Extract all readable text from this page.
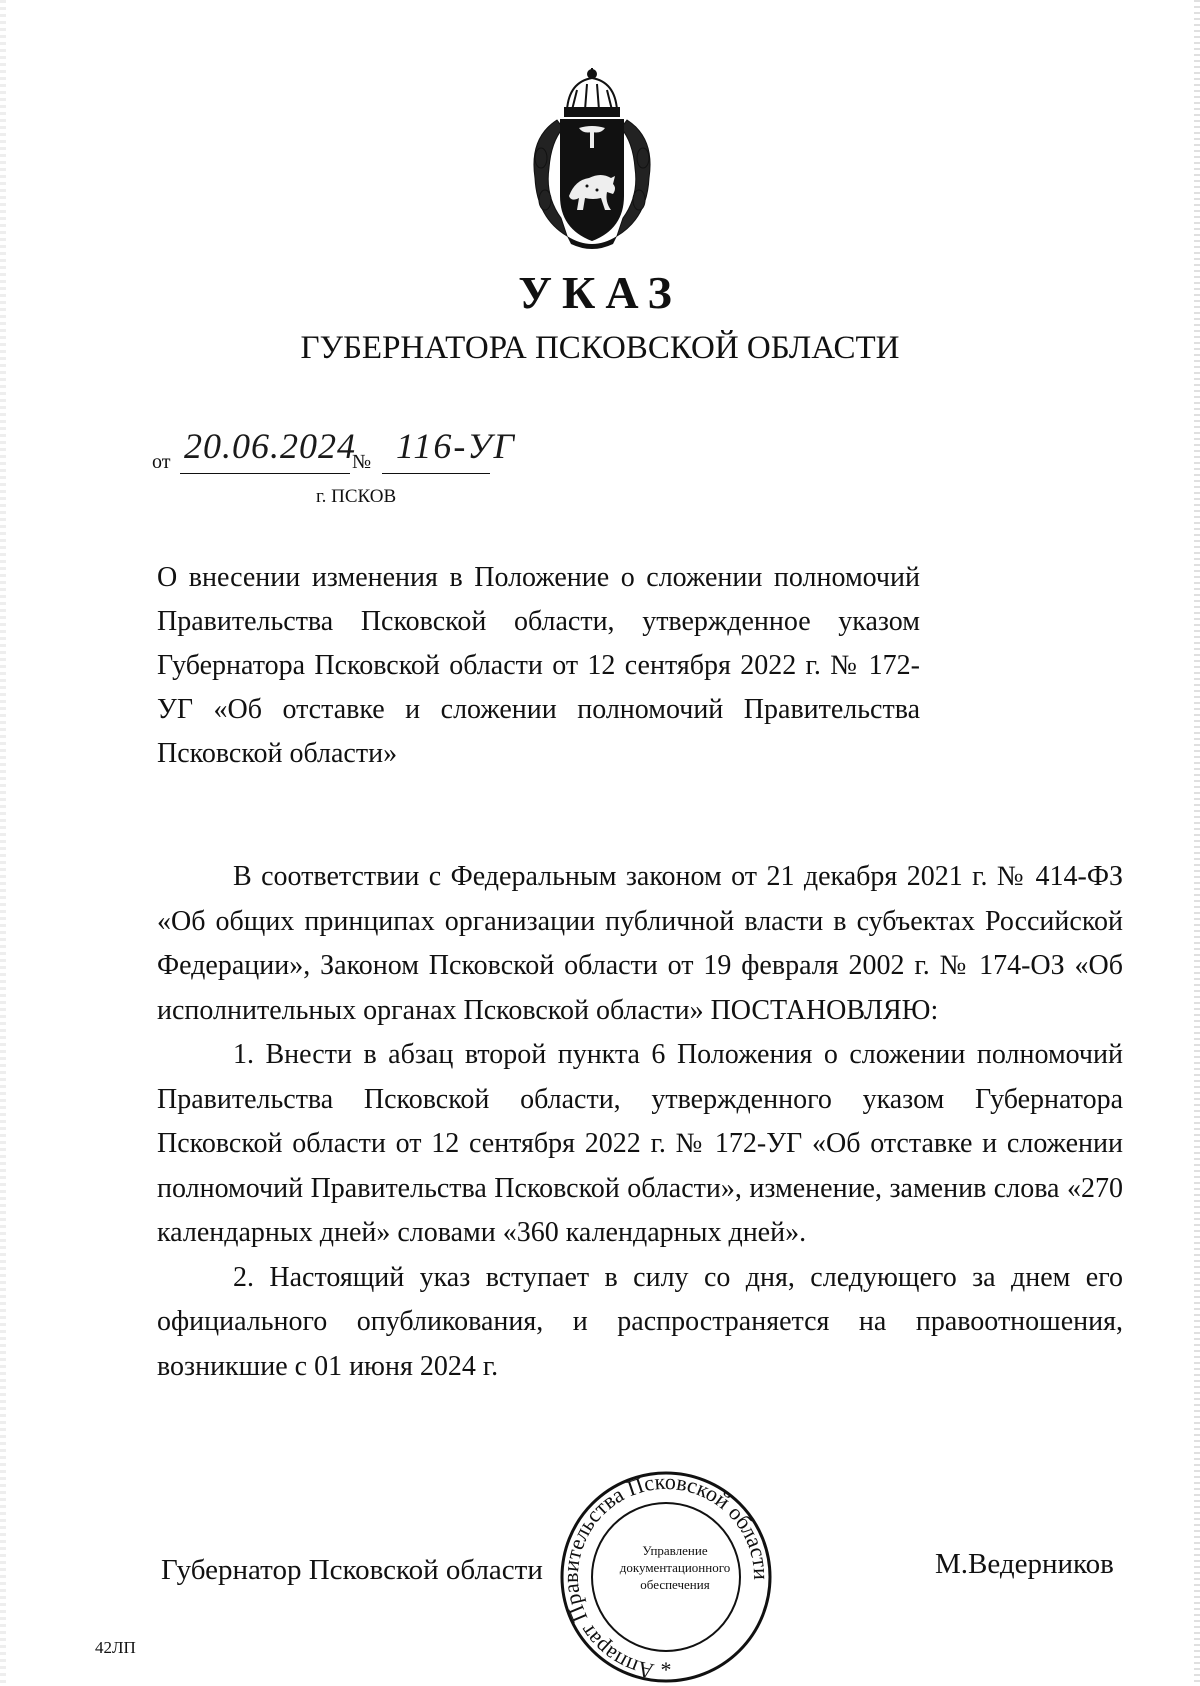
УКАЗ
ГУБЕРНАТОРА ПСКОВСКОЙ ОБЛАСТИ
от 20.06.2024
№ 116-УГ
г. ПСКОВ
О внесении изменения в Положение о сложении полномочий Правительства Псковской области, утвержденное указом Губернатора Псковской области от 12 сентября 2022 г. № 172-УГ «Об отставке и сложении полномочий Правительства Псковской области»

В соответствии с Федеральным законом от 21 декабря 2021 г. № 414-ФЗ «Об общих принципах организации публичной власти в субъектах Российской Федерации», Законом Псковской области от 19 февраля 2002 г. № 174-ОЗ «Об исполнительных органах Псковской области» ПОСТАНОВЛЯЮ:

1. Внести в абзац второй пункта 6 Положения о сложении полномочий Правительства Псковской области, утвержденного указом Губернатора Псковской области от 12 сентября 2022 г. № 172-УГ «Об отставке и сложении полномочий Правительства Псковской области», изменение, заменив слова «270 календарных дней» словами «360 календарных дней».

2. Настоящий указ вступает в силу со дня, следующего за днем его официального опубликования, и распространяется на правоотношения, возникшие с 01 июня 2024 г.

Аппарат Правительства Псковской области
*
Управление документационного обеспечения
Губернатор Псковской области	М.Ведерников
42ЛП
